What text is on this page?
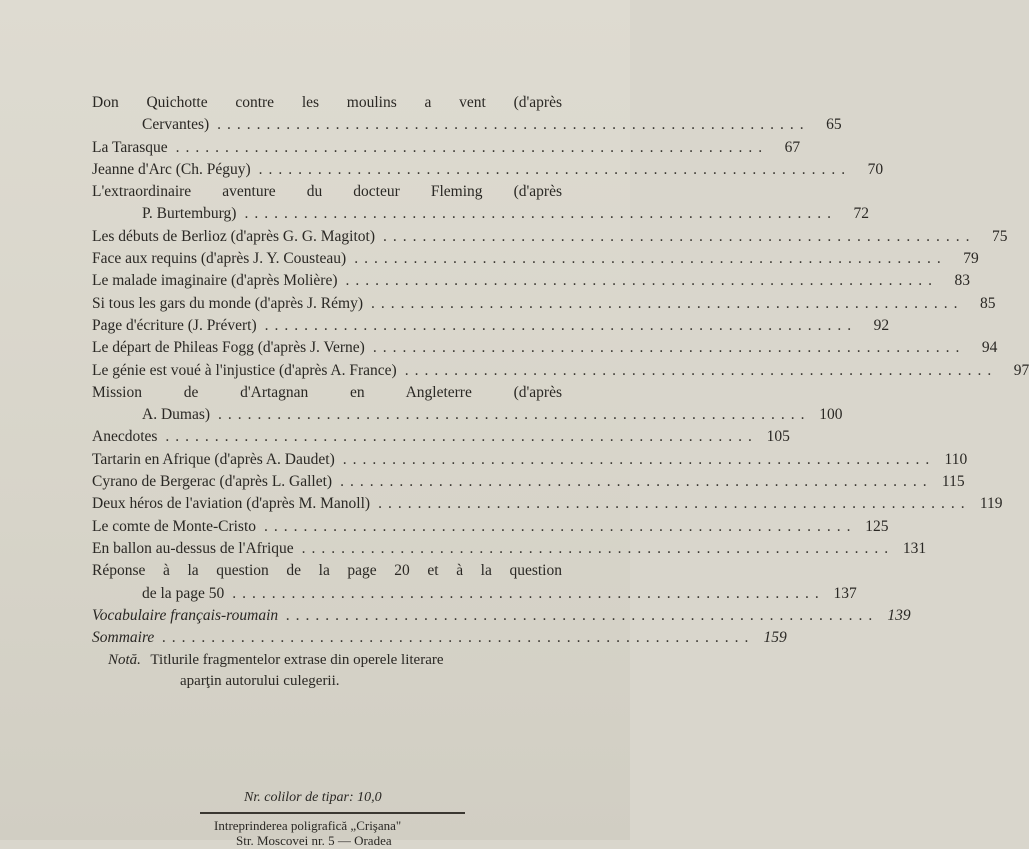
Don Quichotte contre les moulins a vent (d'après
Cervantes) ............................................................	65
La Tarasque ............................................................	67
Jeanne d'Arc (Ch. Péguy) ............................................................	70
L'extraordinaire aventure du docteur Fleming (d'après
P. Burtemburg) ............................................................	72
Les débuts de Berlioz (d'après G. G. Magitot) ............................................................	75
Face aux requins (d'après J. Y. Cousteau) ............................................................	79
Le malade imaginaire (d'après Molière) ............................................................	83
Si tous les gars du monde (d'après J. Rémy) ............................................................	85
Page d'écriture (J. Prévert) ............................................................	92
Le départ de Phileas Fogg (d'après J. Verne) ............................................................	94
Le génie est voué à l'injustice (d'après A. France) ............................................................	97
Mission de d'Artagnan en Angleterre (d'après
A. Dumas) ............................................................ 100
Anecdotes ............................................................ 105
Tartarin en Afrique (d'après A. Daudet) ............................................................ 110
Cyrano de Bergerac (d'après L. Gallet) ............................................................ 115
Deux héros de l'aviation (d'après M. Manoll) ............................................................ 119
Le comte de Monte-Cristo ............................................................ 125
En ballon au-dessus de l'Afrique ............................................................ 131
Réponse à la question de la page 20 et à la question
de la page 50 ............................................................ 137
Vocabulaire français-roumain ............................................................ 139
Sommaire ............................................................ 159
Notă. Titlurile fragmentelor extrase din operele literare
aparţin autorului culegerii.
Nr. colilor de tipar: 10,0
Intreprinderea poligrafică „Crişana"
Str. Moscovei nr. 5 — Oradea
